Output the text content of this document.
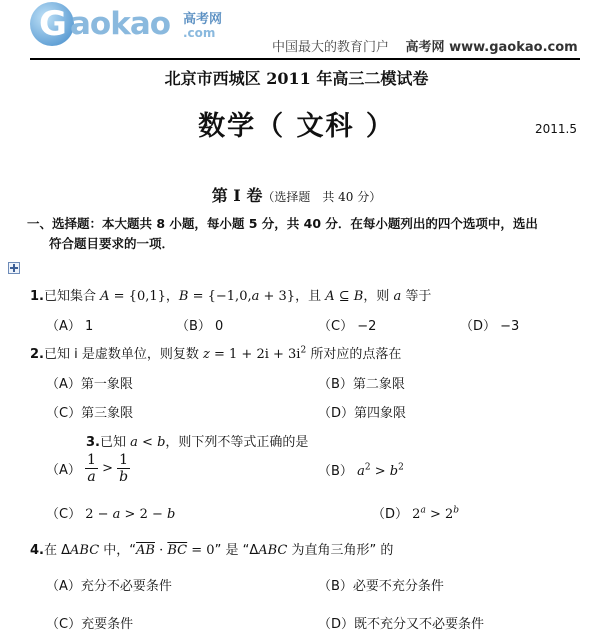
G aokao 高考网
.com
中国最大的教育门户 高考网 www.gaokao.com
北京市西城区 2011 年高三二模试卷
数学（ 文科 ）	2011.5
第 I 卷（选择题　共 40 分）
一、选择题：本大题共 8 小题，每小题 5 分，共 40 分．在每小题列出的四个选项中，选出
符合题目要求的一项．
1.已知集合 A = {0,1}，B = {−1,0,a + 3}，且 A ⊆ B，则 a 等于
（A） 1	（B） 0	（C） −2	（D） −3
2.已知 i 是虚数单位，则复数 $z = 1 + 2i + 3i^2$ 所对应的点落在
（A）第一象限	（B）第二象限
（C）第三象限	（D）第四象限
3.已知 a < b，则下列不等式正确的是
$(A) \frac{1}{a} > \frac{1}{b}$	（B） $a^2 > b^2$
（C） 2 − a > 2 − b	（D） $2^a > 2^b$
4.在 ΔABC 中，“$\overline{AB} \cdot \overline{BC} = 0$” 是 “ΔABC 为直角三角形” 的
（A）充分不必要条件	（B）必要不充分条件
（C）充要条件	（D）既不充分又不必要条件
